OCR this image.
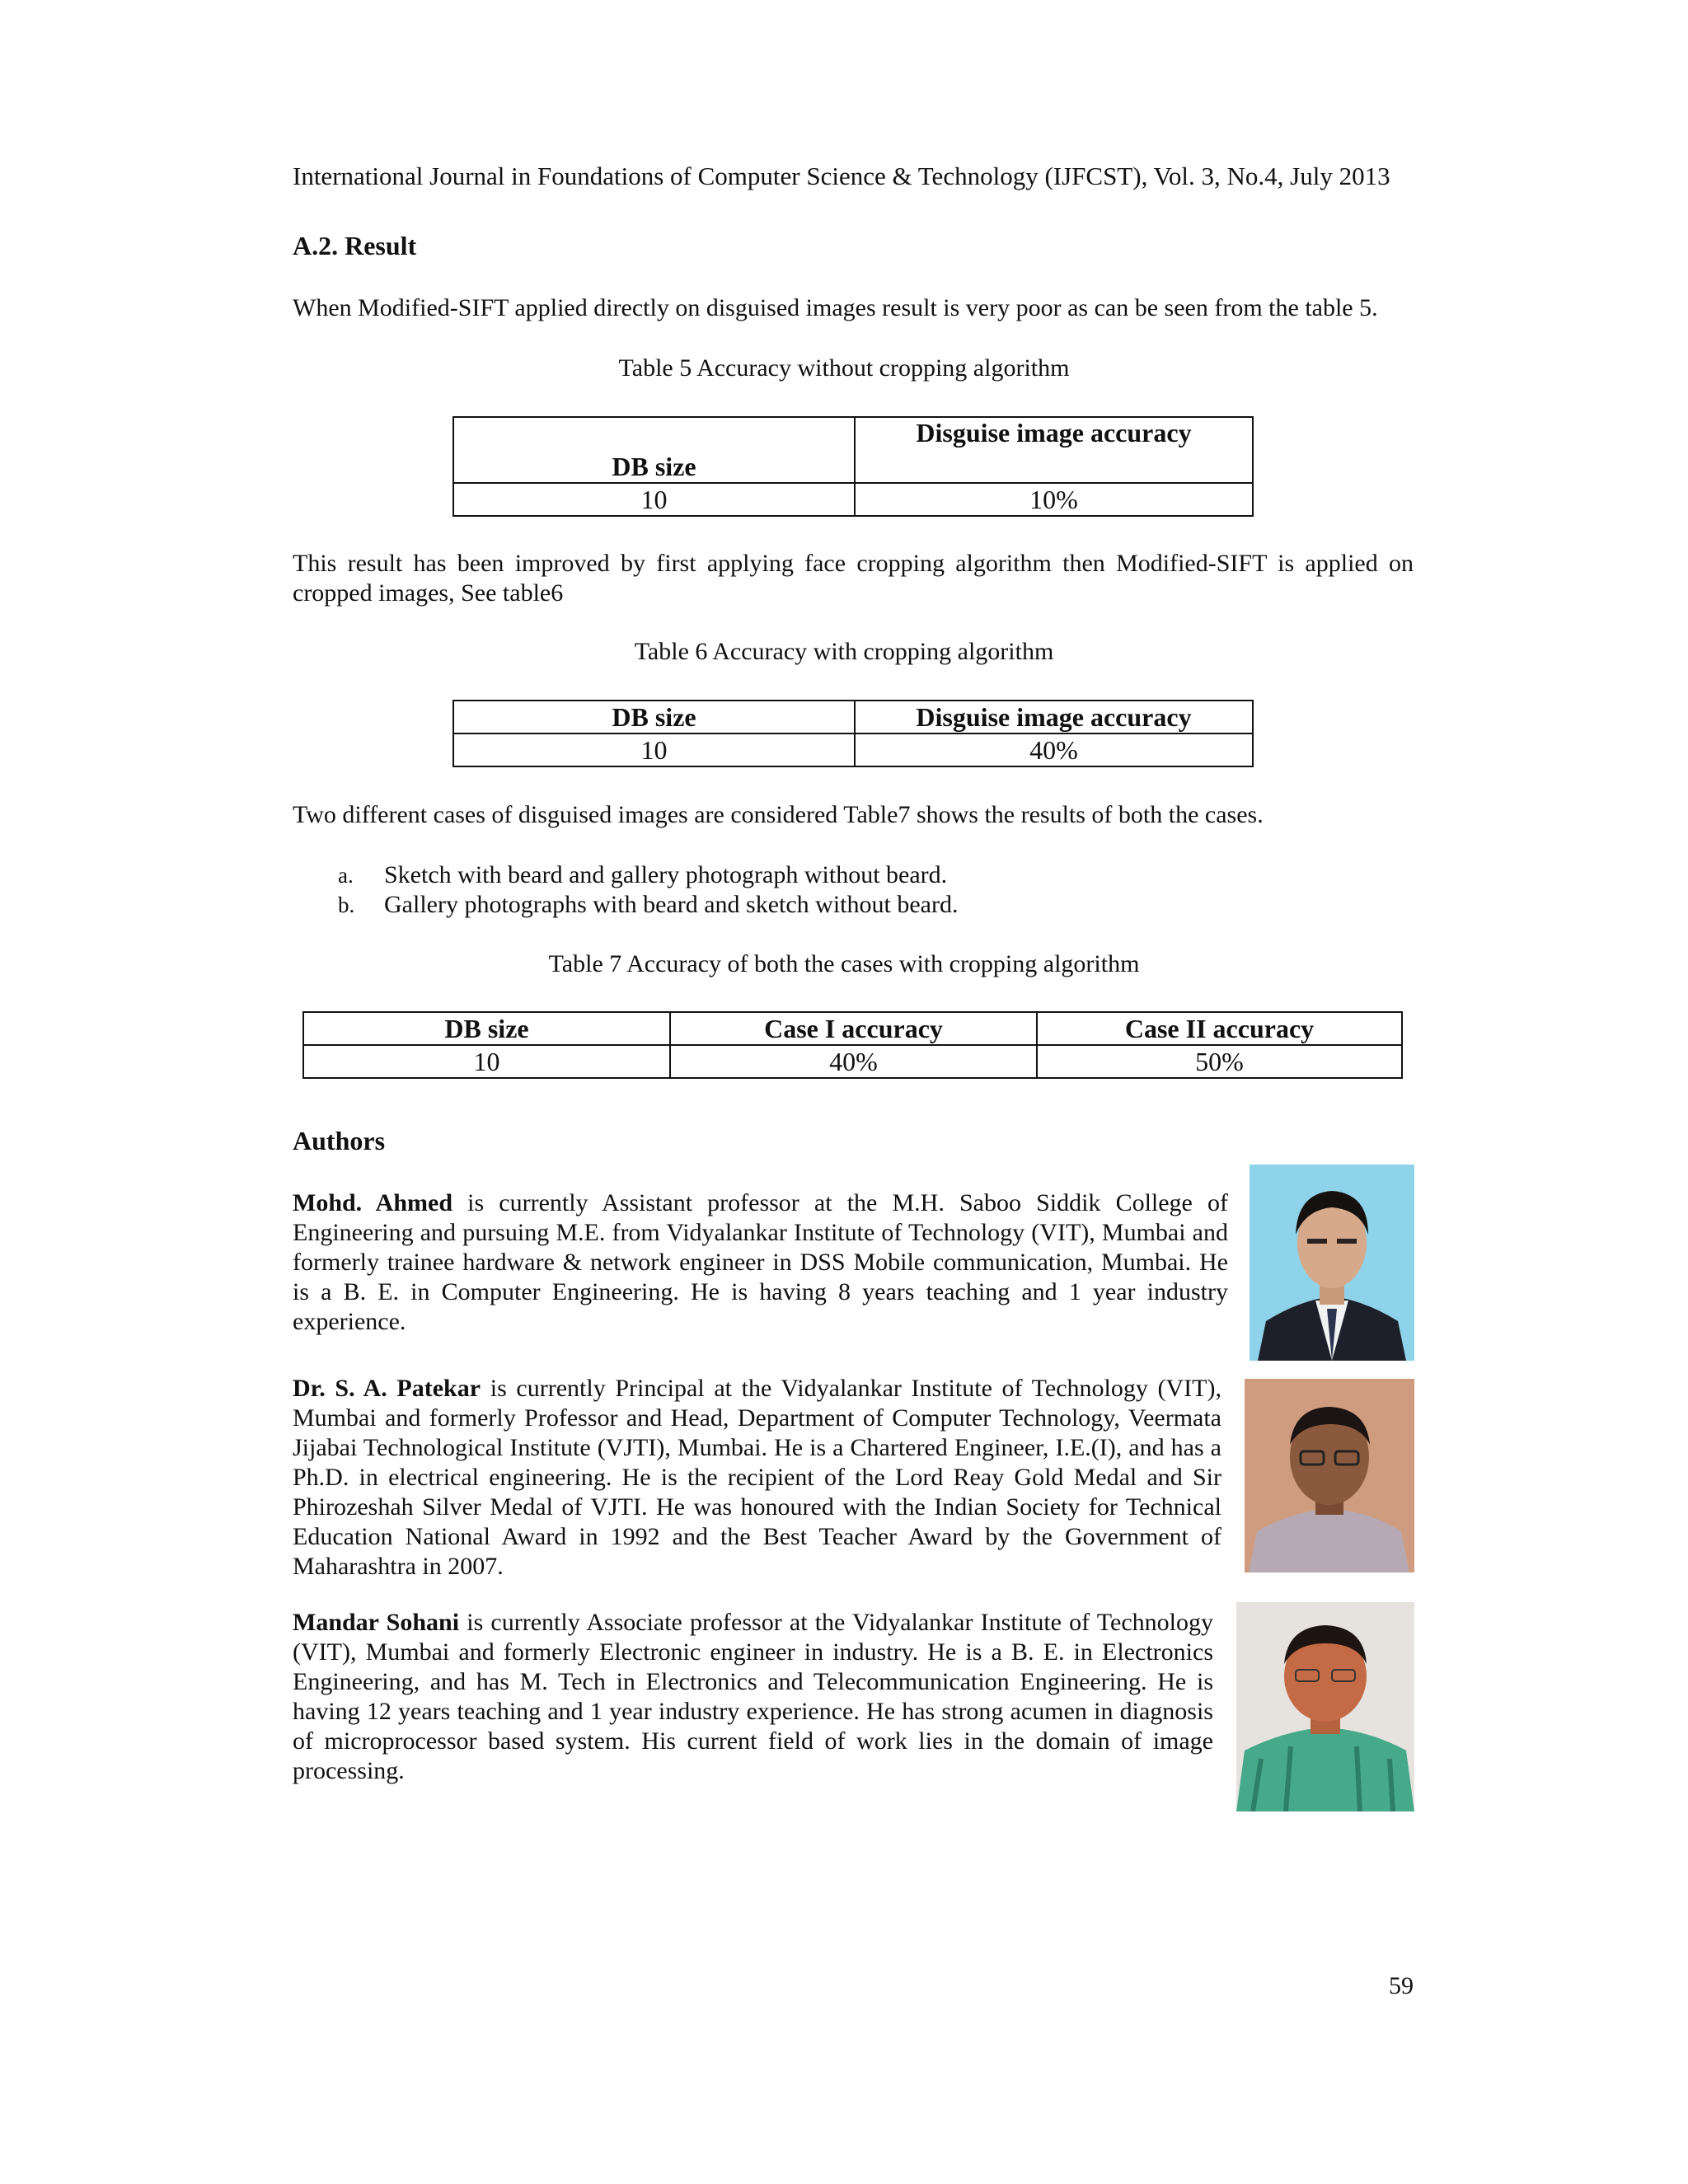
International Journal in Foundations of Computer Science & Technology (IJFCST), Vol. 3, No.4, July 2013
A.2. Result
When Modified-SIFT applied directly on disguised images result is very poor as can be seen from the table 5.
Table 5 Accuracy without cropping algorithm
DB size	Disguise image accuracy
10	10%
This result has been improved by first applying face cropping algorithm then Modified-SIFT is applied on cropped images, See table6
Table 6 Accuracy with cropping algorithm
DB size	Disguise image accuracy
10	40%
Two different cases of disguised images are considered Table7 shows the results of both the cases.
a. Sketch with beard and gallery photograph without beard.
b. Gallery photographs with beard and sketch without beard.
Table 7 Accuracy of both the cases with cropping algorithm
DB size	Case I accuracy	Case II accuracy
10	40%	50%
Authors
Mohd. Ahmed is currently Assistant professor at the M.H. Saboo Siddik College of Engineering and pursuing M.E. from Vidyalankar Institute of Technology (VIT), Mumbai and formerly trainee hardware & network engineer in DSS Mobile communication, Mumbai. He is a B. E. in Computer Engineering. He is having 8 years teaching and 1 year industry experience.
Dr. S. A. Patekar is currently Principal at the Vidyalankar Institute of Technology (VIT), Mumbai and formerly Professor and Head, Department of Computer Technology, Veermata Jijabai Technological Institute (VJTI), Mumbai. He is a Chartered Engineer, I.E.(I), and has a Ph.D. in electrical engineering. He is the recipient of the Lord Reay Gold Medal and Sir Phirozeshah Silver Medal of VJTI. He was honoured with the Indian Society for Technical Education National Award in 1992 and the Best Teacher Award by the Government of Maharashtra in 2007.
Mandar Sohani is currently Associate professor at the Vidyalankar Institute of Technology (VIT), Mumbai and formerly Electronic engineer in industry. He is a B. E. in Electronics Engineering, and has M. Tech in Electronics and Telecommunication Engineering. He is having 12 years teaching and 1 year industry experience. He has strong acumen in diagnosis of microprocessor based system. His current field of work lies in the domain of image processing.
59
